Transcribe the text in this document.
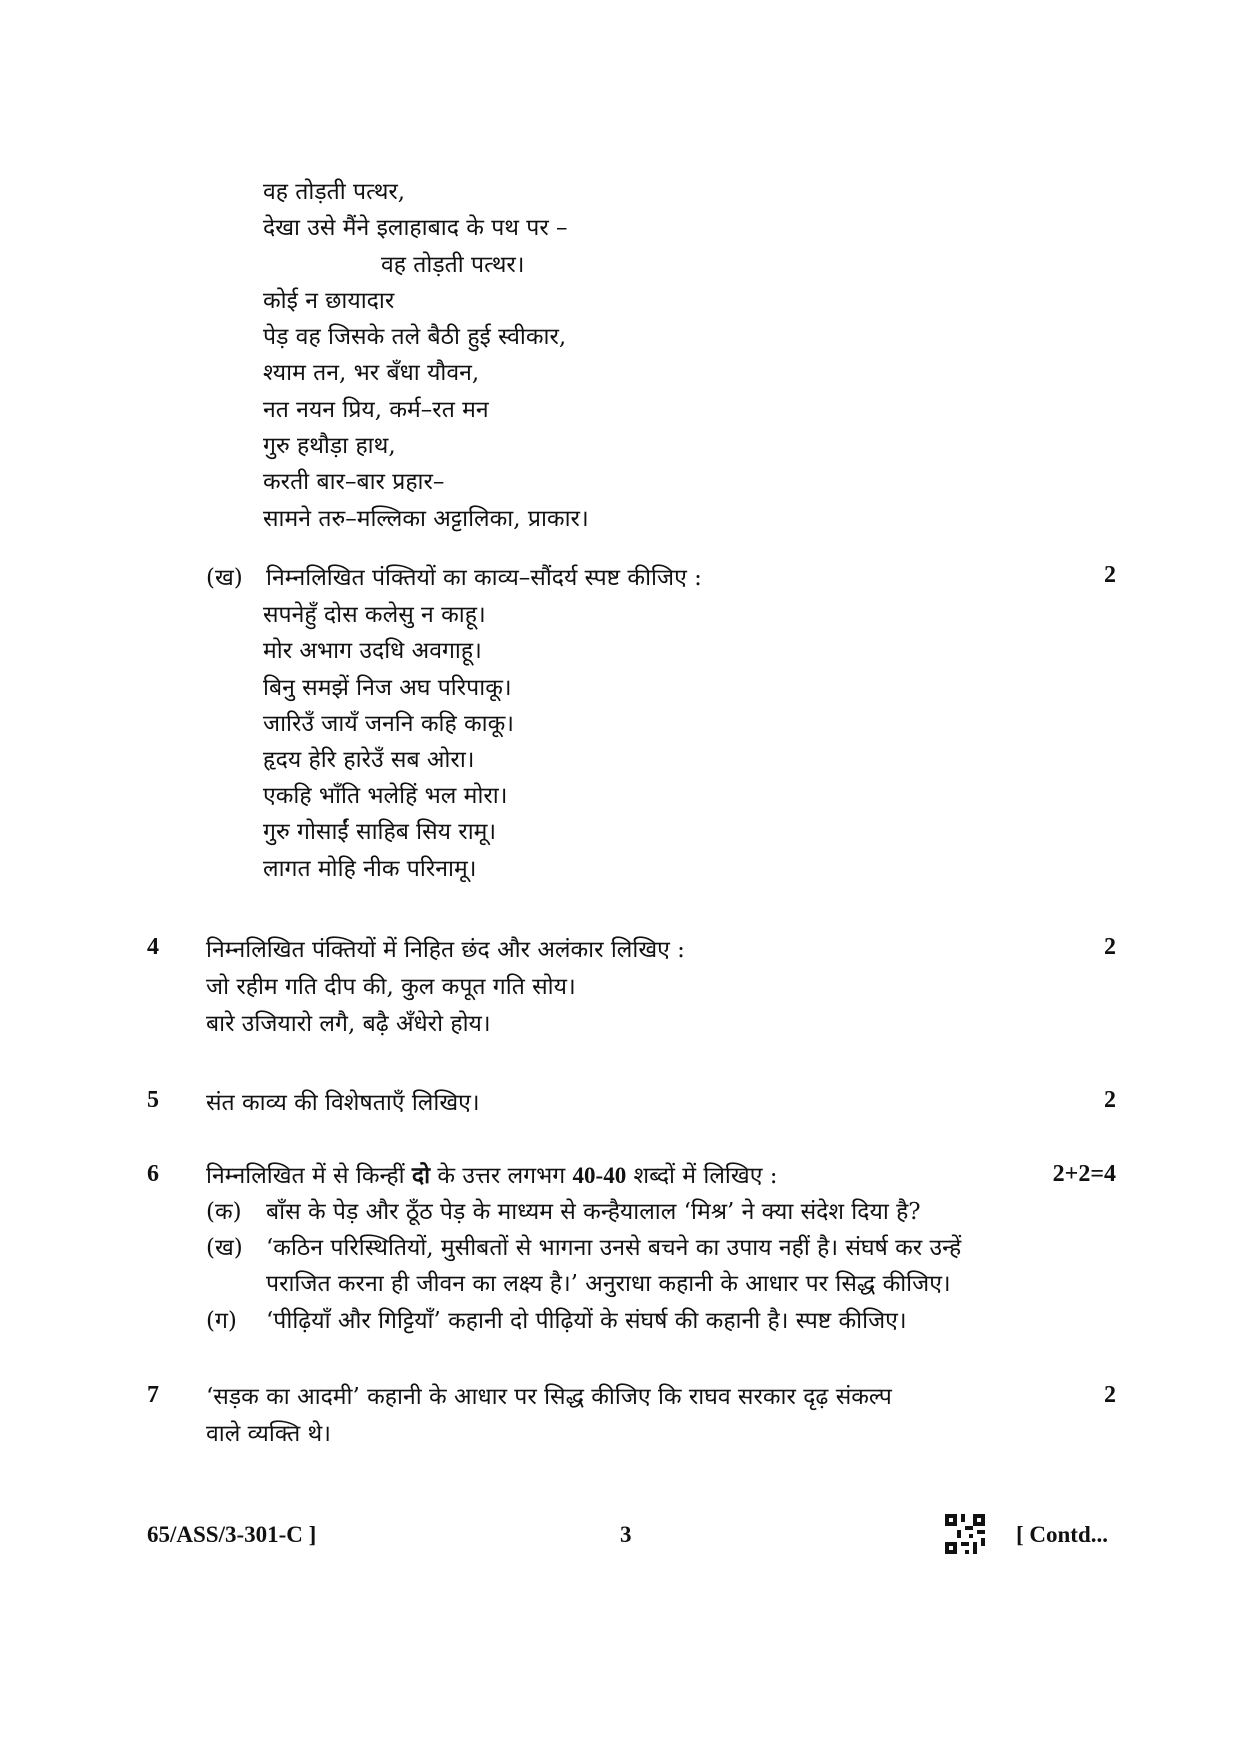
वह तोड़ती पत्थर,
देखा उसे मैंने इलाहाबाद के पथ पर –
वह तोड़ती पत्थर।
कोई न छायादार
पेड़ वह जिसके तले बैठी हुई स्वीकार,
श्याम तन, भर बँधा यौवन,
नत नयन प्रिय, कर्म–रत मन
गुरु हथौड़ा हाथ,
करती बार–बार प्रहार–
सामने तरु–मल्लिका अट्टालिका, प्राकार।
(ख) निम्नलिखित पंक्तियों का काव्य–सौंदर्य स्पष्ट कीजिए :	2
सपनेहुँ दोस कलेसु न काहू।
मोर अभाग उदधि अवगाहू।
बिनु समझें निज अघ परिपाकू।
जारिउँ जायँ जननि कहि काकू।
हृदय हेरि हारेउँ सब ओरा।
एकहि भाँति भलेहिं भल मोरा।
गुरु गोसाईं साहिब सिय रामू।
लागत मोहि नीक परिनामू।
4 निम्नलिखित पंक्तियों में निहित छंद और अलंकार लिखिए :	2
जो रहीम गति दीप की, कुल कपूत गति सोय।
बारे उजियारो लगै, बढ़ै अँधेरो होय।
5 संत काव्य की विशेषताएँ लिखिए।	2
6 निम्नलिखित में से किन्हीं दो के उत्तर लगभग 40-40 शब्दों में लिखिए :	2+2=4
(क) बाँस के पेड़ और ठूँठ पेड़ के माध्यम से कन्हैयालाल ‘मिश्र’ ने क्या संदेश दिया है?
(ख) ‘कठिन परिस्थितियों, मुसीबतों से भागना उनसे बचने का उपाय नहीं है। संघर्ष कर उन्हें
पराजित करना ही जीवन का लक्ष्य है।’ अनुराधा कहानी के आधार पर सिद्ध कीजिए।
(ग) ‘पीढ़ियाँ और गिट्टियाँ’ कहानी दो पीढ़ियों के संघर्ष की कहानी है। स्पष्ट कीजिए।
7 ‘सड़क का आदमी’ कहानी के आधार पर सिद्ध कीजिए कि राघव सरकार दृढ़ संकल्प	2
वाले व्यक्ति थे।
65/ASS/3-301-C ]	3	[ Contd...
